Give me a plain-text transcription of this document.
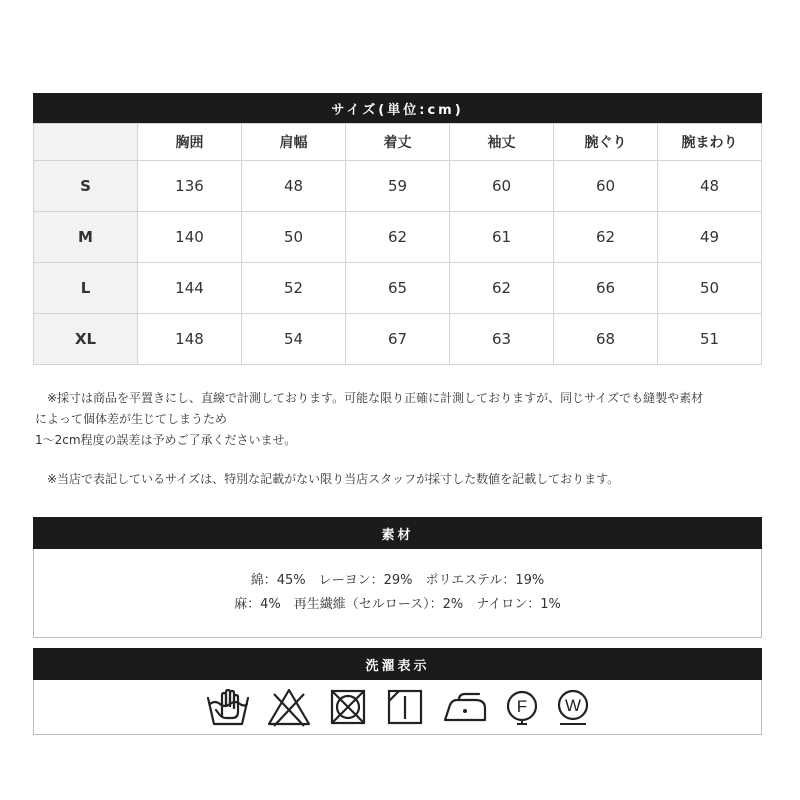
サイズ(単位:cm)
	胸囲	肩幅	着丈	袖丈	腕ぐり	腕まわり
S	136	48	59	60	60	48
M	140	50	62	61	62	49
L	144	52	65	62	66	50
XL	148	54	67	63	68	51
　※採寸は商品を平置きにし、直線で計測しております。可能な限り正確に計測しておりますが、同じサイズでも縫製や素材
によって個体差が生じてしまうため
1～2cm程度の誤差は予めご了承くださいませ。
　※当店で表記しているサイズは、特別な記載がない限り当店スタッフが採寸した数値を記載しております。
素材
綿：45%　レーヨン：29%　ポリエステル：19%
麻：4%　再生繊維（セルロース）：2%　ナイロン：1%
洗濯表示
F W
